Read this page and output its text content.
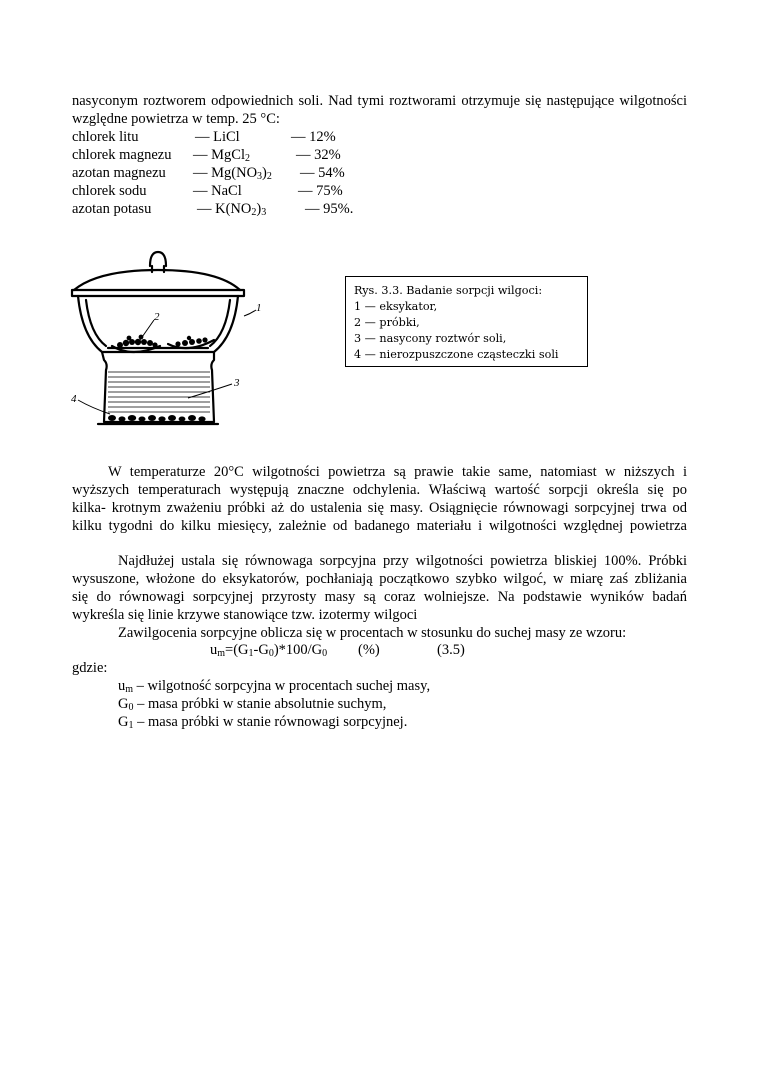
nasyconym roztworem odpowiednich soli. Nad tymi roztworami otrzymuje się następujące wilgotności
względne powietrza w temp. 25 °C:
chlorek litu	— LiCl	— 12%
chlorek magnezu — MgCl$_2$	— 32%
azotan magnezu — $Mg(NO_3)_2$ — 54%
chlorek sodu	— NaCl	— 75%
azotan potasu	— $K(NO_2)_3$	— 95%.
1
2
3
4
Rys. 3.3. Badanie sorpcji wilgoci:
1 — eksykator,
2 — próbki,
3 — nasycony roztwór soli,
4 — nierozpuszczone cząsteczki soli
W temperaturze 20°C wilgotności powietrza są prawie takie same, natomiast w niższych i
wyższych temperaturach występują znaczne odchylenia. Właściwą wartość sorpcji określa się po
kilka- krotnym zważeniu próbki aż do ustalenia się masy. Osiągnięcie równowagi sorpcyjnej trwa od
kilku tygodni do kilku miesięcy, zależnie od badanego materiału i wilgotności względnej powietrza
Najdłużej ustala się równowaga sorpcyjna przy wilgotności powietrza bliskiej 100%. Próbki
wysuszone, włożone do eksykatorów, pochłaniają początkowo szybko wilgoć, w miarę zaś zbliżania
się do równowagi sorpcyjnej przyrosty masy są coraz wolniejsze. Na podstawie wyników badań
wykreśla się linie krzywe stanowiące tzw. izotermy wilgoci
Zawilgocenia sorpcyjne oblicza się w procentach w stosunku do suchej masy ze wzoru:
$u_m=(G_1-G_0)*100/G_0$ (%)	(3.5)
gdzie:
$u_m$ – wilgotność sorpcyjna w procentach suchej masy,
$G_0$ – masa próbki w stanie absolutnie suchym,
$G_1$ – masa próbki w stanie równowagi sorpcyjnej.
